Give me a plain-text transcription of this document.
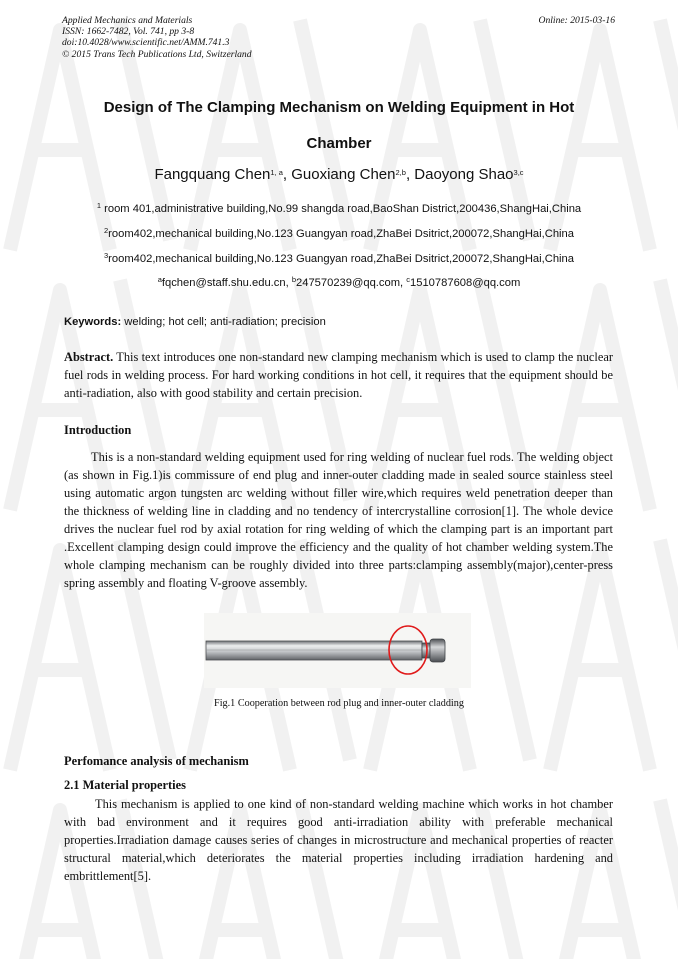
Applied Mechanics and Materials
ISSN: 1662-7482, Vol. 741, pp 3-8
doi:10.4028/www.scientific.net/AMM.741.3
© 2015 Trans Tech Publications Ltd, Switzerland
Online: 2015-03-16
Design of The Clamping Mechanism on Welding Equipment in Hot
Chamber
Fangquang Chen$^{1, a}$, Guoxiang Chen$^{2,b}$, Daoyong Shao$^{3,c}$
$^1$ room 401,administrative building,No.99 shangda road,BaoShan District,200436,ShangHai,China
$^2$room402,mechanical building,No.123 Guangyan road,ZhaBei Dsitrict,200072,ShangHai,China
$^3$room402,mechanical building,No.123 Guangyan road,ZhaBei Dsitrict,200072,ShangHai,China
$^a$fqchen@staff.shu.edu.cn, $^b$247570239@qq.com, $^c$1510787608@qq.com
Keywords: welding; hot cell; anti-radiation; precision

Abstract. This text introduces one non-standard new clamping mechanism which is used to clamp the nuclear fuel rods in welding process. For hard working conditions in hot cell, it requires that the equipment should be anti-radiation, also with good stability and certain precision.

Introduction

This is a non-standard welding equipment used for ring welding of nuclear fuel rods. The welding object (as shown in Fig.1)is commissure of end plug and inner-outer cladding made in sealed source stainless steel using automatic argon tungsten arc welding without filler wire,which requires weld penetration deeper than the thickness of welding line in cladding and no tendency of intercrystalline corrosion[1]. The whole device drives the nuclear fuel rod by axial rotation for ring welding of which the clamping part is an important part .Excellent clamping design could improve the efficiency and the quality of hot chamber welding system.The whole clamping mechanism can be roughly divided into three parts:clamping assembly(major),center-press spring assembly and floating V-groove assembly.

Fig.1 Cooperation between rod plug and inner-outer cladding
Perfomance analysis of mechanism
2.1 Material properties

This mechanism is applied to one kind of non-standard welding machine which works in hot chamber with bad environment and it requires good anti-irradiation ability with preferable mechanical properties.Irradiation damage causes series of changes in microstructure and mechanical properties of reacter structural material,which deteriorates the material properties including irradiation hardening and embrittlement[5].
